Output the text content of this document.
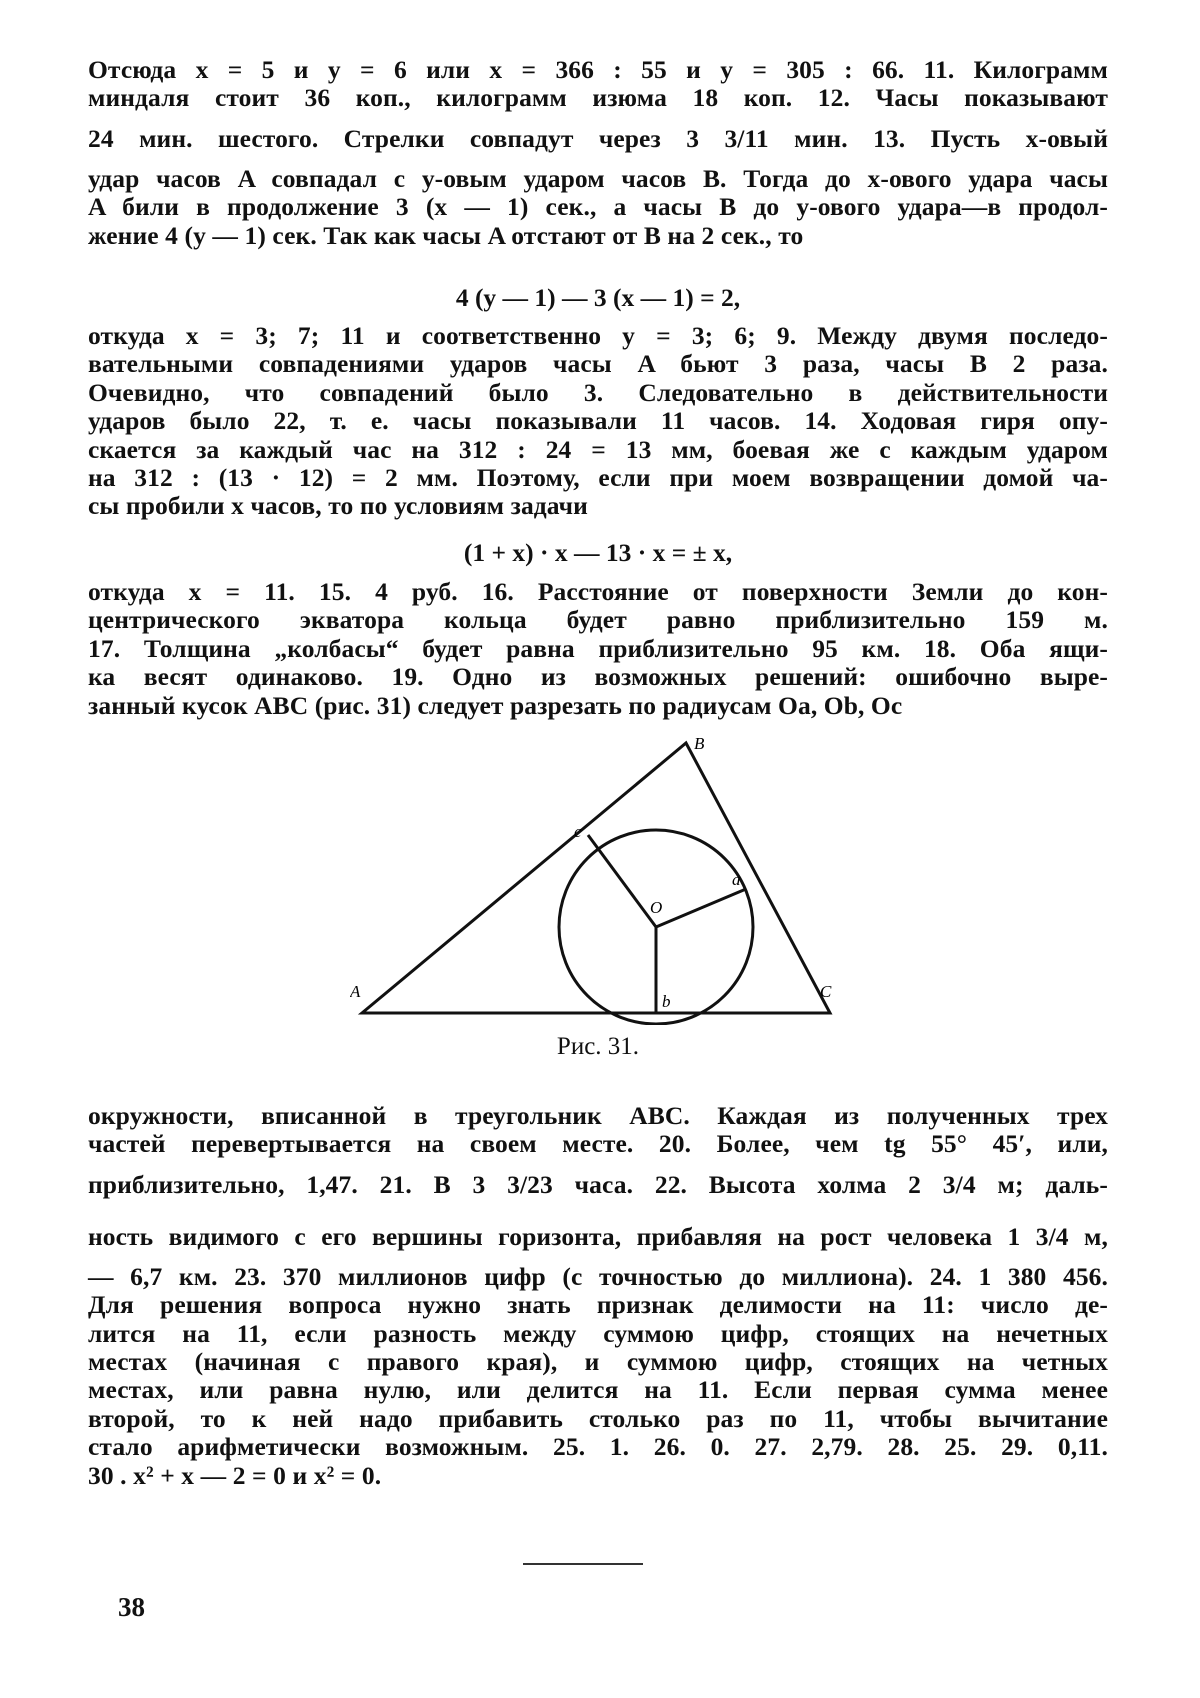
Отсюда x = 5 и y = 6 или x = 366 : 55 и y = 305 : 66. 11. Килограмм
миндаля стоит 36 коп., килограмм изюма 18 коп. 12. Часы показывают
24 мин. шестого. Стрелки совпадут через 3 3/11 мин. 13. Пусть x-овый
удар часов A совпадал с y-овым ударом часов B. Тогда до x-ового удара часы
A били в продолжение 3 (x — 1) сек., а часы B до y-ового удара—в продол-
жение 4 (y — 1) сек. Так как часы A отстают от B на 2 сек., то

4 (y — 1) — 3 (x — 1) = 2,

откуда x = 3; 7; 11 и соответственно y = 3; 6; 9. Между двумя последо-
вательными совпадениями ударов часы A бьют 3 раза, часы B 2 раза.
Очевидно, что совпадений было 3. Следовательно в действительности
ударов было 22, т. е. часы показывали 11 часов. 14. Ходовая гиря опу-
скается за каждый час на 312 : 24 = 13 мм, боевая же с каждым ударом
на 312 : (13 · 12) = 2 мм. Поэтому, если при моем возвращении домой ча-
сы пробили x часов, то по условиям задачи

(1 + x) · x — 13 · x = ± x,

откуда x = 11. 15. 4 руб. 16. Расстояние от поверхности Земли до кон-
центрического экватора кольца будет равно приблизительно 159 м.
17. Толщина „колбасы“ будет равна приблизительно 95 км. 18. Оба ящи-
ка весят одинаково. 19. Одно из возможных решений: ошибочно выре-
занный кусок ABC (рис. 31) следует разрезать по радиусам Oa, Ob, Oc

A
B
C
O
a
b
c

Рис. 31.

окружности, вписанной в треугольник ABC. Каждая из полученных трех
частей перевертывается на своем месте. 20. Более, чем tg 55° 45′, или,
приблизительно, 1,47. 21. В 3 3/23 часа. 22. Высота холма 2 3/4 м; даль-
ность видимого с его вершины горизонта, прибавляя на рост человека 1 3/4 м,
— 6,7 км. 23. 370 миллионов цифр (с точностью до миллиона). 24. 1 380 456.
Для решения вопроса нужно знать признак делимости на 11: число де-
лится на 11, если разность между суммою цифр, стоящих на нечетных
местах (начиная с правого края), и суммою цифр, стоящих на четных
местах, или равна нулю, или делится на 11. Если первая сумма менее
второй, то к ней надо прибавить столько раз по 11, чтобы вычитание
стало арифметически возможным. 25. 1. 26. 0. 27. 2,79. 28. 25. 29. 0,11.
30 . x² + x — 2 = 0 и x² = 0.

38
